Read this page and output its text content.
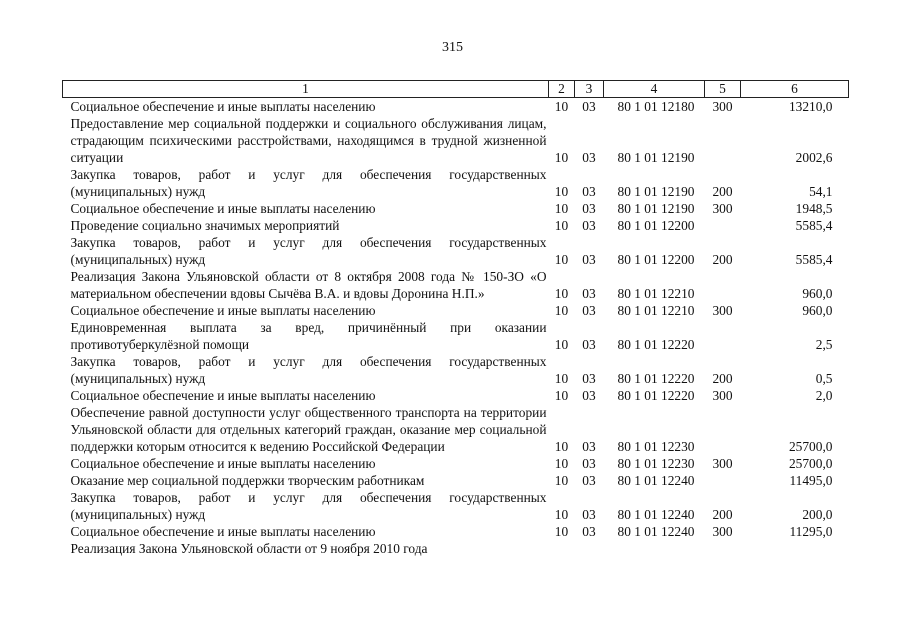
315
1	2	3	4	5	6
Социальное обеспечение и иные выплаты населению	10	03	80 1 01 12180	300	13210,0
Предоставление мер социальной поддержки и социального обслуживания лицам, страдающим психическими расстройствами, находящимся в трудной жизненной ситуации	10	03	80 1 01 12190		2002,6
Закупка товаров, работ и услуг для обеспечения государственных (муниципальных) нужд	10	03	80 1 01 12190	200	54,1
Социальное обеспечение и иные выплаты населению	10	03	80 1 01 12190	300	1948,5
Проведение социально значимых мероприятий	10	03	80 1 01 12200		5585,4
Закупка товаров, работ и услуг для обеспечения государственных (муниципальных) нужд	10	03	80 1 01 12200	200	5585,4
Реализация Закона Ульяновской области от 8 октября 2008 года № 150-ЗО «О материальном обеспечении вдовы Сычёва В.А. и вдовы Доронина Н.П.»	10	03	80 1 01 12210		960,0
Социальное обеспечение и иные выплаты населению	10	03	80 1 01 12210	300	960,0
Единовременная выплата за вред, причинённый при оказании противотуберкулёзной помощи	10	03	80 1 01 12220		2,5
Закупка товаров, работ и услуг для обеспечения государственных (муниципальных) нужд	10	03	80 1 01 12220	200	0,5
Социальное обеспечение и иные выплаты населению	10	03	80 1 01 12220	300	2,0
Обеспечение равной доступности услуг общественного транспорта на территории Ульяновской области для отдельных категорий граждан, оказание мер социальной поддержки которым относится к ведению Российской Федерации	10	03	80 1 01 12230		25700,0
Социальное обеспечение и иные выплаты населению	10	03	80 1 01 12230	300	25700,0
Оказание мер социальной поддержки творческим работникам	10	03	80 1 01 12240		11495,0
Закупка товаров, работ и услуг для обеспечения государственных (муниципальных) нужд	10	03	80 1 01 12240	200	200,0
Социальное обеспечение и иные выплаты населению	10	03	80 1 01 12240	300	11295,0
Реализация Закона Ульяновской области от 9 ноября 2010 года					
